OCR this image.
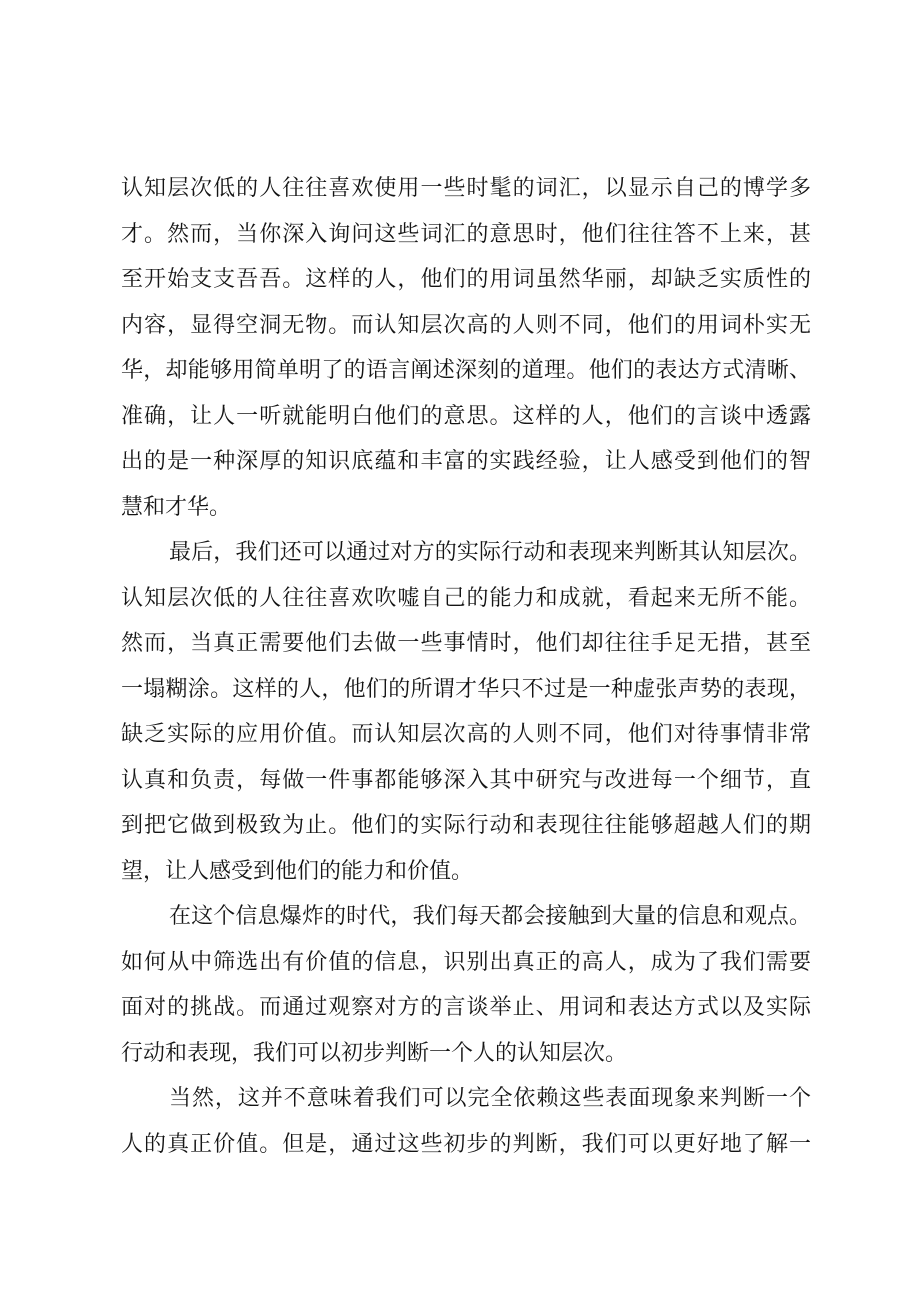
认知层次低的人往往喜欢使用一些时髦的词汇，以显示自己的博学多
才。然而，当你深入询问这些词汇的意思时，他们往往答不上来，甚
至开始支支吾吾。这样的人，他们的用词虽然华丽，却缺乏实质性的
内容，显得空洞无物。而认知层次高的人则不同，他们的用词朴实无
华，却能够用简单明了的语言阐述深刻的道理。他们的表达方式清晰、
准确，让人一听就能明白他们的意思。这样的人，他们的言谈中透露
出的是一种深厚的知识底蕴和丰富的实践经验，让人感受到他们的智
慧和才华。
最后，我们还可以通过对方的实际行动和表现来判断其认知层次。
认知层次低的人往往喜欢吹嘘自己的能力和成就，看起来无所不能。
然而，当真正需要他们去做一些事情时，他们却往往手足无措，甚至
一塌糊涂。这样的人，他们的所谓才华只不过是一种虚张声势的表现，
缺乏实际的应用价值。而认知层次高的人则不同，他们对待事情非常
认真和负责，每做一件事都能够深入其中研究与改进每一个细节，直
到把它做到极致为止。他们的实际行动和表现往往能够超越人们的期
望，让人感受到他们的能力和价值。
在这个信息爆炸的时代，我们每天都会接触到大量的信息和观点。
如何从中筛选出有价值的信息，识别出真正的高人，成为了我们需要
面对的挑战。而通过观察对方的言谈举止、用词和表达方式以及实际
行动和表现，我们可以初步判断一个人的认知层次。
当然，这并不意味着我们可以完全依赖这些表面现象来判断一个
人的真正价值。但是，通过这些初步的判断，我们可以更好地了解一
